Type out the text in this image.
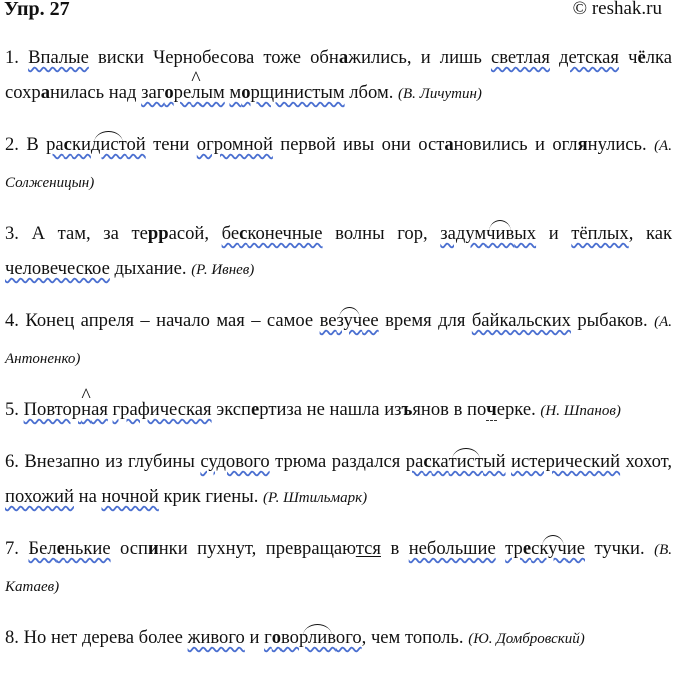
Упр. 27	© reshak.ru

1. Впалые виски Чернобесова тоже обнажились, и лишь светлая детская чёлка сохранилась над загоре^ лым морщинистым лбом. (В. Личутин)

2. В раскидистой тени огромной первой ивы они остановились и оглянулись. (А. Солженицын)

3. А там, за террасой, бесконечные волны гор, задумчивых и тёплых, как человеческое дыхание. (Р. Ивнев)

4. Конец апреля – начало мая – самое везучее время для байкальских рыбаков. (А. Антоненко)

5. Повтор^ ная графическая экспертиза не нашла изъянов в почерке. (Н. Шпанов)

6. Внезапно из глубины судового трюма раздался раскатистый истерический хохот, похожий на ночной крик гиены. (Р. Штильмарк)

7. Беленькие оспинки пухнут, превращаются в небольшие трескучие тучки. (В. Катаев)

8. Но нет дерева более живого и говорливого, чем тополь. (Ю. Домбровский)
